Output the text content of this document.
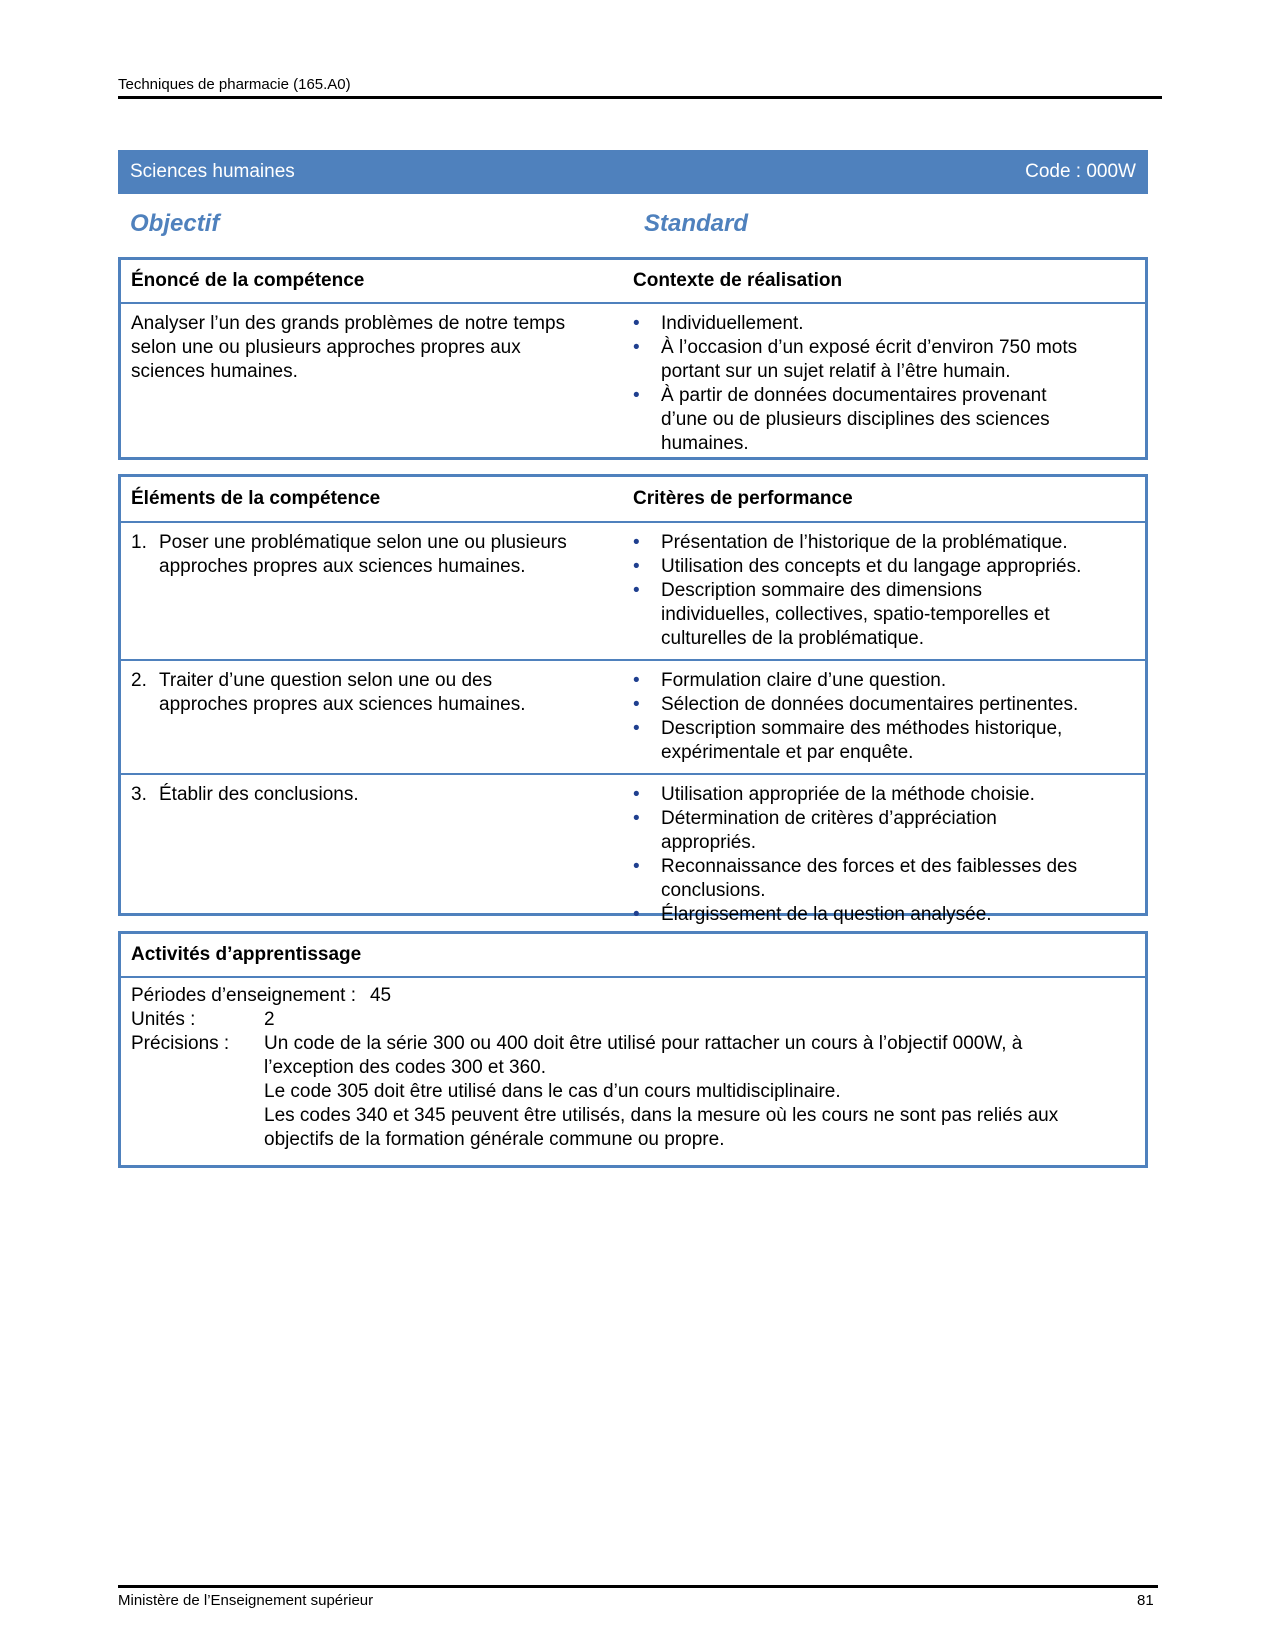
Techniques de pharmacie (165.A0)
Sciences humaines	Code : 000W
Objectif	Standard
Énoncé de la compétence	Contexte de réalisation
Analyser l’un des grands problèmes de notre temps
selon une ou plusieurs approches propres aux
sciences humaines.
• Individuellement.
• À l’occasion d’un exposé écrit d’environ 750 mots
portant sur un sujet relatif à l’être humain.
• À partir de données documentaires provenant
d’une ou de plusieurs disciplines des sciences
humaines.
Éléments de la compétence	Critères de performance
1. Poser une problématique selon une ou plusieurs
approches propres aux sciences humaines.
• Présentation de l’historique de la problématique.
• Utilisation des concepts et du langage appropriés.
• Description sommaire des dimensions
individuelles, collectives, spatio-temporelles et
culturelles de la problématique.
2. Traiter d’une question selon une ou des
approches propres aux sciences humaines.
• Formulation claire d’une question.
• Sélection de données documentaires pertinentes.
• Description sommaire des méthodes historique,
expérimentale et par enquête.
3. Établir des conclusions.
•	Utilisation appropriée de la méthode choisie.
• Détermination de critères d’appréciation
appropriés.
• Reconnaissance des forces et des faiblesses des
conclusions.
• Élargissement de la question analysée.
Activités d’apprentissage
Périodes d’enseignement : 45
Unités :	2
Précisions :	Un code de la série 300 ou 400 doit être utilisé pour rattacher un cours à l’objectif 000W, à
l’exception des codes 300 et 360.
Le code 305 doit être utilisé dans le cas d’un cours multidisciplinaire.
Les codes 340 et 345 peuvent être utilisés, dans la mesure où les cours ne sont pas reliés aux
objectifs de la formation générale commune ou propre.
Ministère de l’Enseignement supérieur	81
